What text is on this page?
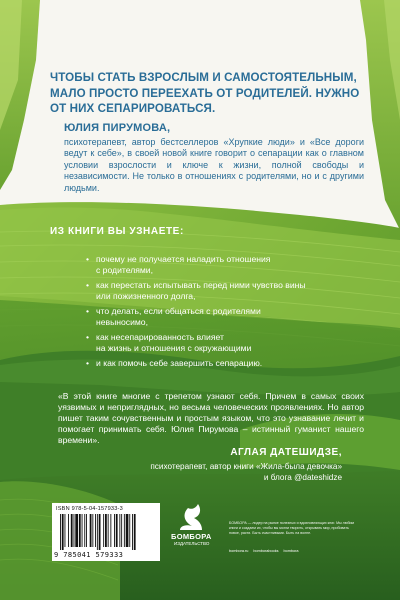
ЧТОБЫ СТАТЬ ВЗРОСЛЫМ И САМОСТОЯТЕЛЬНЫМ,
МАЛО ПРОСТО ПЕРЕЕХАТЬ ОТ РОДИТЕЛЕЙ. НУЖНО
ОТ НИХ СЕПАРИРОВАТЬСЯ.
ЮЛИЯ ПИРУМОВА,
психотерапевт, автор бестселлеров «Хрупкие люди» и «Все дороги ведут к себе», в своей новой книге говорит о сепарации как о главном условии взрослости и ключе к жизни, полной свободы и независимости. Не только в отношениях с родителями, но и с другими людьми.
ИЗ КНИГИ ВЫ УЗНАЕТЕ:
• почему не получается наладить отношения
с родителями,
• как перестать испытывать перед ними чувство вины
или пожизненного долга,
• что делать, если общаться с родителями
невыносимо,
• как несепарированность влияет
на жизнь и отношения с окружающими
• и как помочь себе завершить сепарацию.
«В этой книге многие с трепетом узнают себя. Причем в самых своих уязвимых и неприглядных, но весьма человеческих проявлениях. Но автор пишет таким сочувственным и простым языком, что это узнавание лечит и помогает принимать себя. Юлия Пирумова – истинный гуманист нашего времени».
АГЛАЯ ДАТЕШИДЗЕ,
психотерапевт, автор книги «Жила-была девочка»
и блога @dateshidze
ISBN 978-5-04-157933-3
9 785041 579333
БОМБОРА
ИЗДАТЕЛЬСТВО
БОМБОРА — лидер на рынке полезных и вдохновляющих книг. Мы любим книги и создаем их, чтобы вы могли творить, открывать мир, пробовать новое, расти. Быть счастливыми. Быть на волне.
bombora.ru bomborabooks bombora
